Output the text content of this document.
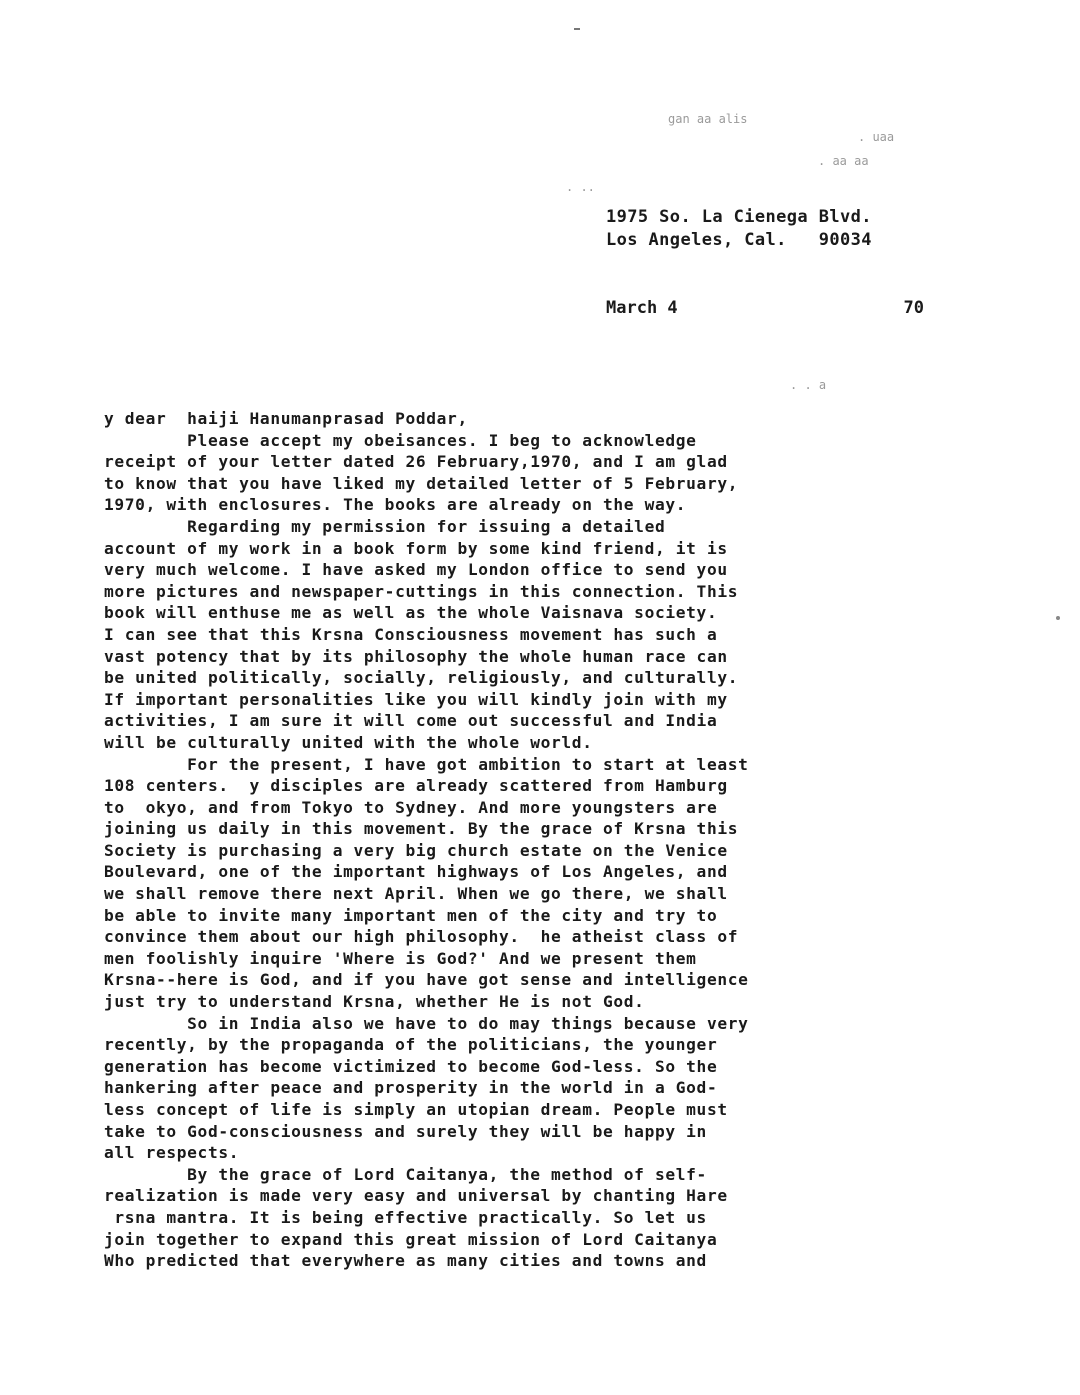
gan aa alis
. uaa
. aa aa
. ..
. . a
1975 So. La Cienega Blvd.
Los Angeles, Cal.   90034
March 4	70
y dear  haiji Hanumanprasad Poddar,
Please accept my obeisances. I beg to acknowledge
receipt of your letter dated 26 February,1970, and I am glad
to know that you have liked my detailed letter of 5 February,
1970, with enclosures. The books are already on the way.
Regarding my permission for issuing a detailed
account of my work in a book form by some kind friend, it is
very much welcome. I have asked my London office to send you
more pictures and newspaper-cuttings in this connection. This
book will enthuse me as well as the whole Vaisnava society.
I can see that this Krsna Consciousness movement has such a
vast potency that by its philosophy the whole human race can
be united politically, socially, religiously, and culturally.
If important personalities like you will kindly join with my
activities, I am sure it will come out successful and India
will be culturally united with the whole world.
For the present, I have got ambition to start at least
108 centers.  y disciples are already scattered from Hamburg
to  okyo, and from Tokyo to Sydney. And more youngsters are
joining us daily in this movement. By the grace of Krsna this
Society is purchasing a very big church estate on the Venice
Boulevard, one of the important highways of Los Angeles, and
we shall remove there next April. When we go there, we shall
be able to invite many important men of the city and try to
convince them about our high philosophy.  he atheist class of
men foolishly inquire 'Where is God?' And we present them
Krsna--here is God, and if you have got sense and intelligence
just try to understand Krsna, whether He is not God.
So in India also we have to do may things because very
recently, by the propaganda of the politicians, the younger
generation has become victimized to become God-less. So the
hankering after peace and prosperity in the world in a God-
less concept of life is simply an utopian dream. People must
take to God-consciousness and surely they will be happy in
all respects.
By the grace of Lord Caitanya, the method of self-
realization is made very easy and universal by chanting Hare
rsna mantra. It is being effective practically. So let us
join together to expand this great mission of Lord Caitanya
Who predicted that everywhere as many cities and towns and
